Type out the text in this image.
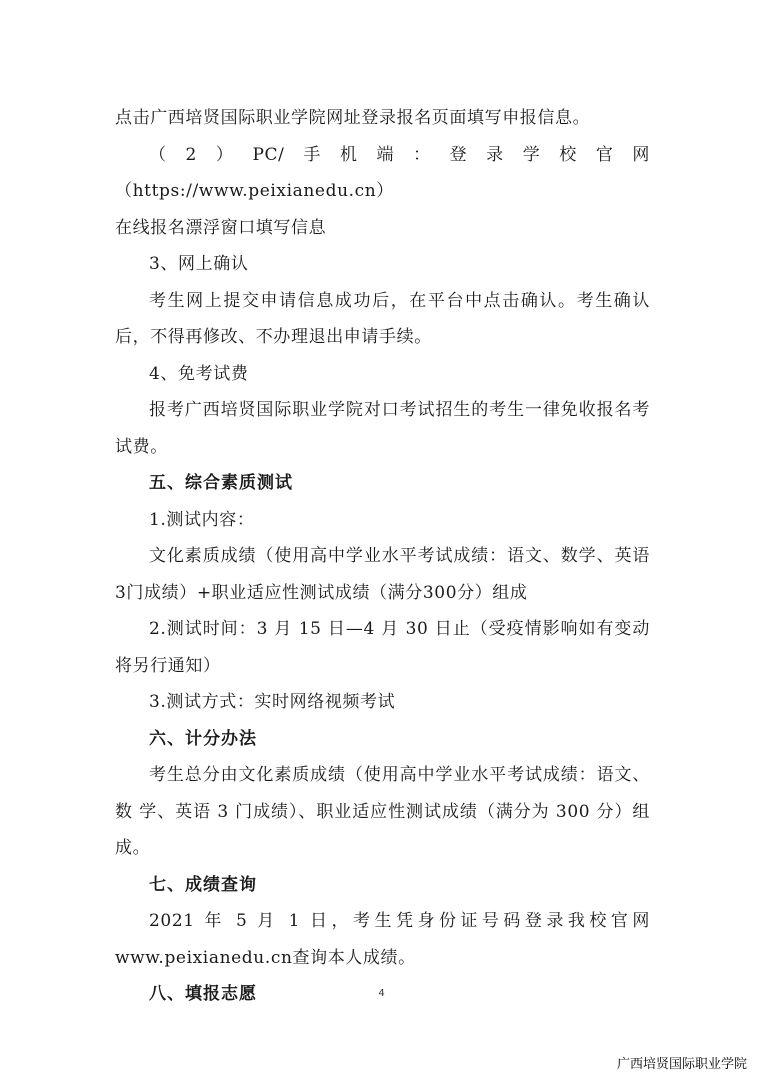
点击广西培贤国际职业学院网址登录报名页面填写申报信息。

（2）PC/手机端：登录学校官网（https://www.peixianedu.cn）

在线报名漂浮窗口填写信息

3、网上确认

考生网上提交申请信息成功后，在平台中点击确认。考生确认后，不得再修改、不办理退出申请手续。

4、免考试费

报考广西培贤国际职业学院对口考试招生的考生一律免收报名考试费。

五、综合素质测试

1.测试内容：

文化素质成绩（使用高中学业水平考试成绩：语文、数学、英语3门成绩）+职业适应性测试成绩（满分300分）组成

2.测试时间：3 月 15 日—4 月 30 日止（受疫情影响如有变动将另行通知）

3.测试方式：实时网络视频考试

六、计分办法

考生总分由文化素质成绩（使用高中学业水平考试成绩：语文、数 学、英语 3 门成绩）、职业适应性测试成绩（满分为 300 分）组成。

七、成绩查询

2021 年 5 月 1 日，考生凭身份证号码登录我校官网www.peixianedu.cn查询本人成绩。

八、填报志愿	4
广西培贤国际职业学院
